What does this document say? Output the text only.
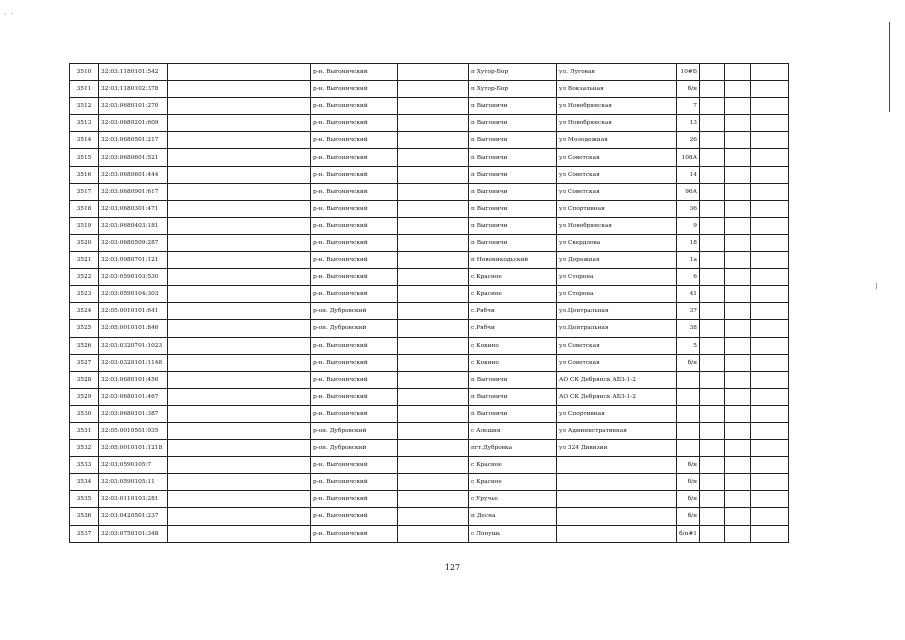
· ·
3510	32:03:1180101:542		р-н. Выгоничский		п Хутор-Бор	ул. Луговая	10#Б			
3511	32:03:1180102:378		р-н. Выгоничский		п Хутор-Бор	ул Вокзальная	б/н			
3512	32:03:0680101:270		р-н. Выгоничский		п Выгоничи	ул Новобрянская	7			
3513	32:03:0680201:609		р-н. Выгоничский		п Выгоничи	ул Новобрянская	13			
3514	32:03:0680501:217		р-н. Выгоничский		п Выгоничи	ул Молодежная	26			
3515	32:03:0680601:521		р-н. Выгоничский		п Выгоничи	ул Советская	108А			
3516	32:03:0680601:444		р-н. Выгоничский		п Выгоничи	ул Советская	14			
3517	32:03:0680901:617		р-н. Выгоничский		п Выгоничи	ул Советская	96А			
3518	32:03:0680301:471		р-н. Выгоничский		п Выгоничи	ул Спортивная	36			
3519	32:03:0680403:181		р-н. Выгоничский		п Выгоничи	ул Новобрянская	9			
3520	32:03:0680509:287		р-н. Выгоничский		п Выгоничи	ул Свердлова	18			
3521	32:03:0980701:121		р-н. Выгоничский		п Новоникодьский	ул Дорожная	1а			
3522	32:03:0590103:530		р-н. Выгоничский		с Красное	ул Сторона	6			
3523	32:03:0590104:303		р-н. Выгоничский		с Красное	ул Сторона	41			
3524	32:05:0010101:641		р-он. Дубровский		с.Рябчи	ул.Центральная	37			
3525	32:05:0010101:846		р-он. Дубровский		с.Рябчи	ул.Центральная	38			
3526	32:03:0320701:1023		р-н. Выгоничский		с Кокино	ул Советская	5			
3527	32:03:0320101:1148		р-н. Выгоничский		с Кокино	ул Советская	б/н			
3528	32:03:0680101:456		р-н. Выгоничский		п Выгоничи	АО СК Дебрянск АБЗ-1-2				
3529	32:03:0680101:467		р-н. Выгоничский		п Выгоничи	АО СК Дебрянск АБЗ-1-2				
3530	32:03:0680101:387		р-н. Выгоничский		п Выгоничи	ул Спортивная				
3531	32:05:0010501:935		р-он. Дубровский		с Алешня	ул Административная				
3532	32:05:0010101:1218		р-он. Дубровский		пгт.Дубровка	ул 324 Дивизии				
3533	32:03:0590105:7		р-н. Выгоничский		с Красное		б/н			
3534	32:03:0590105:11		р-н. Выгоничский		с Красное		б/н			
3535	32:03:0110103:281		р-н. Выгоничский		с Уручье		б/н			
3536	32:03:0420501:237		р-н. Выгоничский		п Десна		б/н			
3537	32:03:0750101:348		р-н. Выгоничский		с Лопушь		б/н#1			
127
